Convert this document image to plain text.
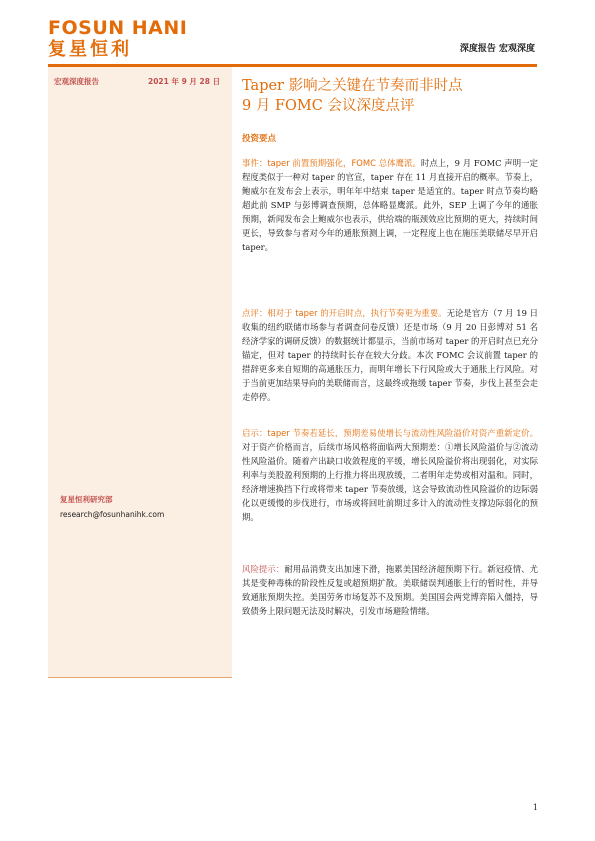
FOSUN HANI
复星恒利	深度报告 宏观深度
宏观深度报告	2021 年 9 月 28 日
复星恒利研究部
research@fosunhanihk.com
Taper 影响之关键在节奏而非时点
9 月 FOMC 会议深度点评
投资要点
事件：taper 前置预期强化，FOMC 总体鹰派。时点上，9 月 FOMC 声明一定程度类似于一种对 taper 的官宣，taper 存在 11 月直接开启的概率。节奏上，鲍威尔在发布会上表示，明年年中结束 taper 是适宜的。taper 时点节奏均略超此前 SMP 与彭博调查预期，总体略显鹰派。此外，SEP 上调了今年的通胀预期，新闻发布会上鲍威尔也表示，供给端的瓶颈效应比预期的更大，持续时间更长，导致参与者对今年的通胀预测上调，一定程度上也在施压美联储尽早开启 taper。
点评：相对于 taper 的开启时点，执行节奏更为重要。无论是官方（7 月 19 日收集的纽约联储市场参与者调查问卷反馈）还是市场（9 月 20 日彭博对 51 名经济学家的调研反馈）的数据统计都显示，当前市场对 taper 的开启时点已充分锚定，但对 taper 的持续时长存在较大分歧。本次 FOMC 会议前置 taper 的措辞更多来自短期的高通胀压力，而明年增长下行风险或大于通胀上行风险。对于当前更加结果导向的美联储而言，这最终或拖缓 taper 节奏，步伐上甚至会走走停停。
启示：taper 节奏若延长，预期差易使增长与流动性风险溢价对资产重新定价。对于资产价格而言，后续市场风格将面临两大预期差：①增长风险溢价与②流动性风险溢价。随着产出缺口收敛程度的平缓，增长风险溢价将出现弱化，对实际利率与美股盈利预期的上行推力将出现放缓，二者明年走势或相对温和。同时，经济增速换挡下行或将带来 taper 节奏放缓，这会导致流动性风险溢价的边际弱化以更缓慢的步伐进行，市场或将回吐前期过多计入的流动性支撑边际弱化的预期。
风险提示：耐用品消费支出加速下滑，拖累美国经济超预期下行。新冠疫情、尤其是变种毒株的阶段性反复或超预期扩散。美联储误判通胀上行的暂时性，并导致通胀预期失控。美国劳务市场复苏不及预期。美国国会两党博弈陷入僵持，导致债务上限问题无法及时解决，引发市场避险情绪。
1
